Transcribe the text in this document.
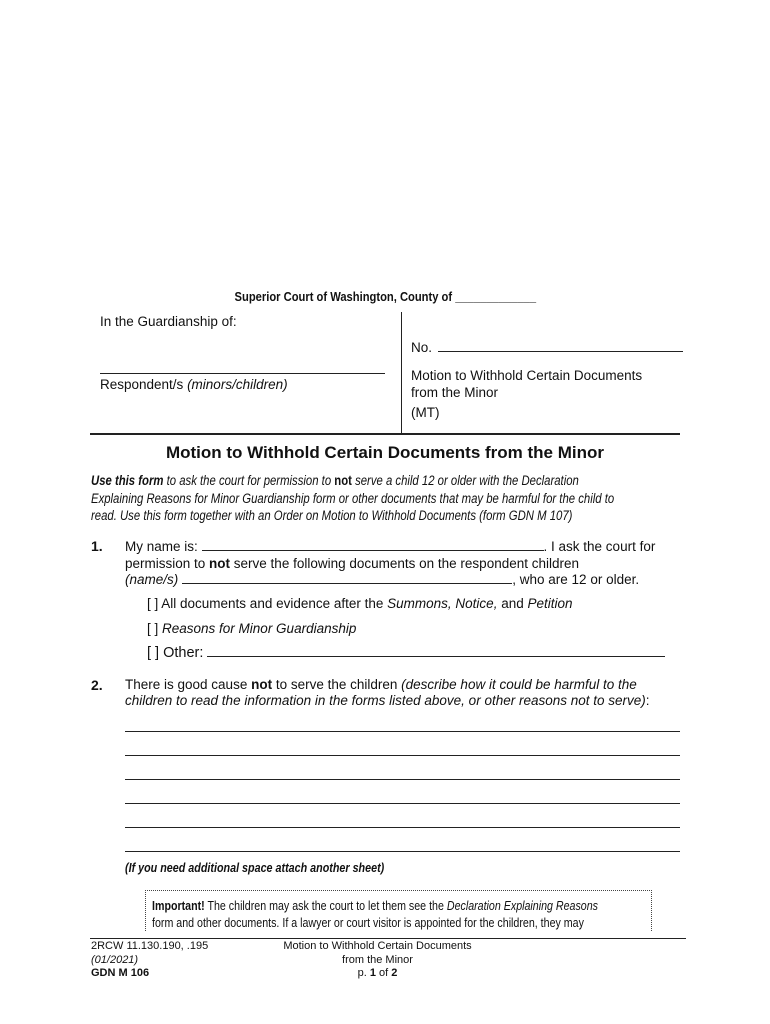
Superior Court of Washington, County of _____________
In the Guardianship of:
Respondent/s (minors/children)
No.
Motion to Withhold Certain Documents from the Minor
(MT)
Motion to Withhold Certain Documents from the Minor
Use this form to ask the court for permission to not serve a child 12 or older with the Declaration
Explaining Reasons for Minor Guardianship form or other documents that may be harmful for the child to
read. Use this form together with an Order on Motion to Withhold Documents (form GDN M 107)
1. My name is:	. I ask the court for
permission to not serve the following documents on the respondent children
(name/s)	, who are 12 or older.
[ ] All documents and evidence after the Summons, Notice, and Petition
[ ] Reasons for Minor Guardianship
[ ] Other:
2. There is good cause not to serve the children (describe how it could be harmful to the
children to read the information in the forms listed above, or other reasons not to serve):
(If you need additional space attach another sheet)
Important! The children may ask the court to let them see the Declaration Explaining Reasons
form and other documents. If a lawyer or court visitor is appointed for the children, they may
2RCW 11.130.190, .195
(01/2021)
GDN M 106
Motion to Withhold Certain Documents
from the Minor
p. 1 of 2
